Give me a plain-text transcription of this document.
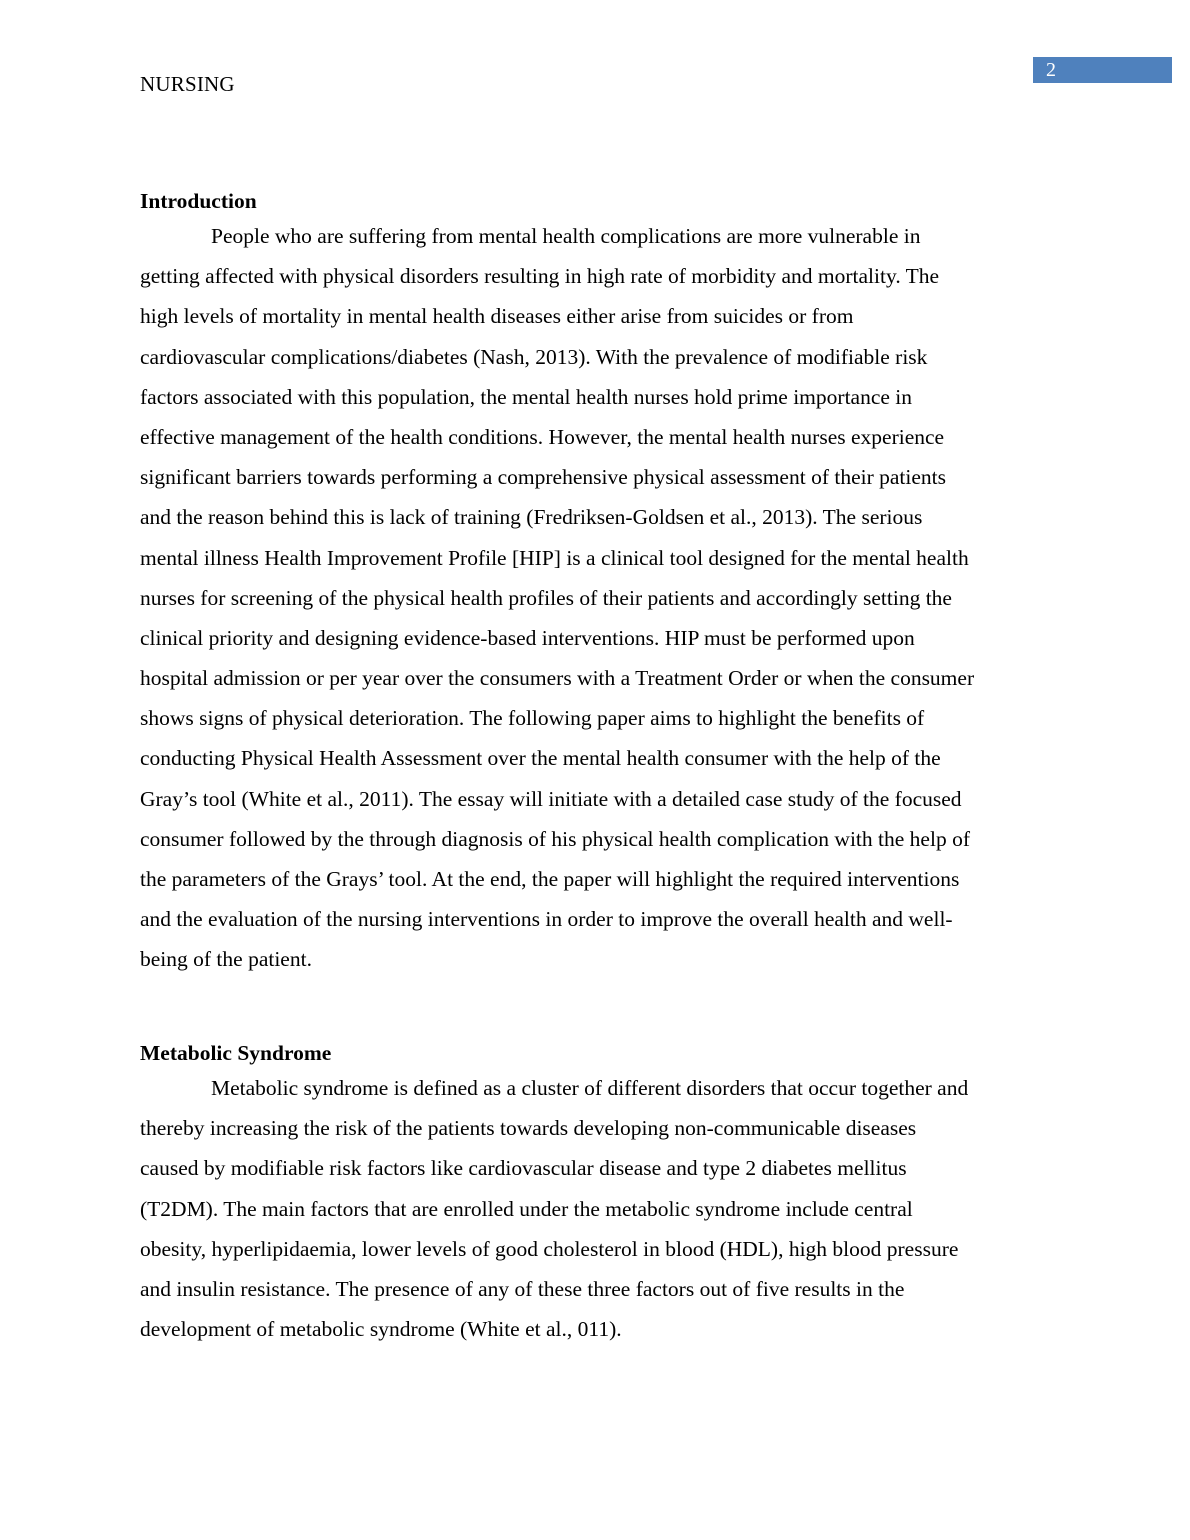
2
NURSING
Introduction
People who are suffering from mental health complications are more vulnerable in
getting affected with physical disorders resulting in high rate of morbidity and mortality. The
high levels of mortality in mental health diseases either arise from suicides or from
cardiovascular complications/diabetes (Nash, 2013). With the prevalence of modifiable risk
factors associated with this population, the mental health nurses hold prime importance in
effective management of the health conditions. However, the mental health nurses experience
significant barriers towards performing a comprehensive physical assessment of their patients
and the reason behind this is lack of training (Fredriksen-Goldsen et al., 2013). The serious
mental illness Health Improvement Profile [HIP] is a clinical tool designed for the mental health
nurses for screening of the physical health profiles of their patients and accordingly setting the
clinical priority and designing evidence-based interventions. HIP must be performed upon
hospital admission or per year over the consumers with a Treatment Order or when the consumer
shows signs of physical deterioration. The following paper aims to highlight the benefits of
conducting Physical Health Assessment over the mental health consumer with the help of the
Gray’s tool (White et al., 2011). The essay will initiate with a detailed case study of the focused
consumer followed by the through diagnosis of his physical health complication with the help of
the parameters of the Grays’ tool. At the end, the paper will highlight the required interventions
and the evaluation of the nursing interventions in order to improve the overall health and well-
being of the patient.
Metabolic Syndrome
Metabolic syndrome is defined as a cluster of different disorders that occur together and
thereby increasing the risk of the patients towards developing non-communicable diseases
caused by modifiable risk factors like cardiovascular disease and type 2 diabetes mellitus
(T2DM). The main factors that are enrolled under the metabolic syndrome include central
obesity, hyperlipidaemia, lower levels of good cholesterol in blood (HDL), high blood pressure
and insulin resistance. The presence of any of these three factors out of five results in the
development of metabolic syndrome (White et al., 011).
